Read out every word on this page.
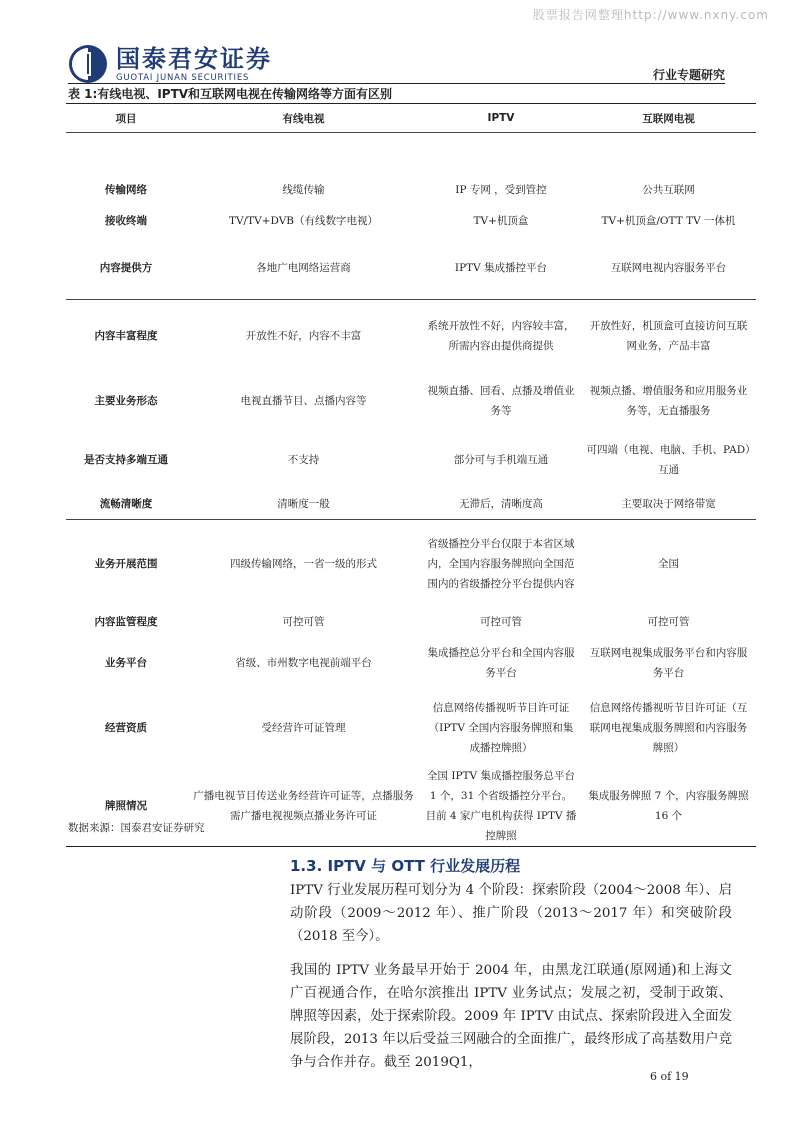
股票报告网整理http://www.nxny.com
国泰君安证券
GUOTAI JUNAN SECURITIES	行业专题研究
表 1:有线电视、IPTV和互联网电视在传输网络等方面有区别
项目	有线电视	IPTV	互联网电视
传输网络	线缆传输	IP 专网 ，受到管控	公共互联网
接收终端	TV/TV+DVB（有线数字电视）	TV+机顶盒	TV+机顶盒/OTT TV 一体机
内容提供方	各地广电网络运营商	IPTV 集成播控平台	互联网电视内容服务平台
内容丰富程度	开放性不好，内容不丰富	系统开放性不好，内容较丰富，所需内容由提供商提供	开放性好，机顶盒可直接访问互联网业务，产品丰富
主要业务形态	电视直播节目、点播内容等	视频直播、回看、点播及增值业务等	视频点播、增值服务和应用服务业务等，无直播服务
是否支持多端互通	不支持	部分可与手机端互通	可四端（电视、电脑、手机、PAD）互通
流畅清晰度	清晰度一般	无滞后，清晰度高	主要取决于网络带宽
业务开展范围	四级传输网络，一省一级的形式	省级播控分平台仅限于本省区域内，全国内容服务牌照向全国范围内的省级播控分平台提供内容	全国
内容监管程度	可控可管	可控可管	可控可管
业务平台	省级、市州数字电视前端平台	集成播控总分平台和全国内容服务平台	互联网电视集成服务平台和内容服务平台
经营资质	受经营许可证管理	信息网络传播视听节目许可证（IPTV 全国内容服务牌照和集成播控牌照）	信息网络传播视听节目许可证（互联网电视集成服务牌照和内容服务牌照）
牌照情况	广播电视节目传送业务经营许可证等，点播服务需广播电视视频点播业务许可证	全国 IPTV 集成播控服务总平台 1 个，31 个省级播控分平台。目前 4 家广电机构获得 IPTV 播控牌照	集成服务牌照 7 个，内容服务牌照 16 个
数据来源：国泰君安证券研究
1.3. IPTV 与 OTT 行业发展历程
IPTV 行业发展历程可划分为 4 个阶段：探索阶段（2004～2008 年）、启动阶段（2009～2012 年）、推广阶段（2013～2017 年）和突破阶段（2018 至今）。
我国的 IPTV 业务最早开始于 2004 年，由黑龙江联通(原网通)和上海文广百视通合作，在哈尔滨推出 IPTV 业务试点；发展之初，受制于政策、牌照等因素，处于探索阶段。2009 年 IPTV 由试点、探索阶段进入全面发展阶段，2013 年以后受益三网融合的全面推广，最终形成了高基数用户竞争与合作并存。截至 2019Q1，
6 of 19
